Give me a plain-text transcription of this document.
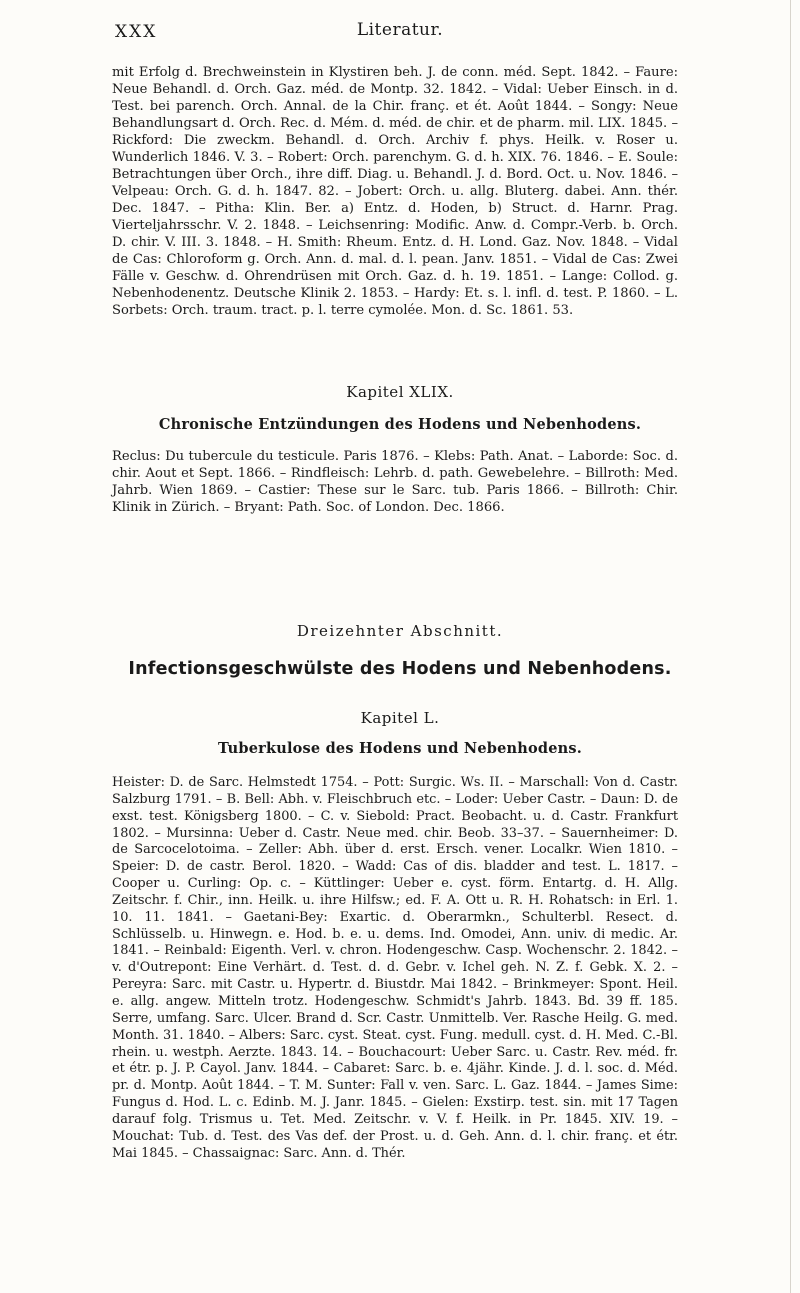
XXX	Literatur.

mit Erfolg d. Brechweinstein in Klystiren beh. J. de conn. méd. Sept. 1842. – Faure: Neue Behandl. d. Orch. Gaz. méd. de Montp. 32. 1842. – Vidal: Ueber Einsch. in d. Test. bei parench. Orch. Annal. de la Chir. franç. et ét. Août 1844. – Songy: Neue Behandlungsart d. Orch. Rec. d. Mém. d. méd. de chir. et de pharm. mil. LIX. 1845. – Rickford: Die zweckm. Behandl. d. Orch. Archiv f. phys. Heilk. v. Roser u. Wunderlich 1846. V. 3. – Robert: Orch. parenchym. G. d. h. XIX. 76. 1846. – E. Soule: Betrachtungen über Orch., ihre diff. Diag. u. Behandl. J. d. Bord. Oct. u. Nov. 1846. – Velpeau: Orch. G. d. h. 1847. 82. – Jobert: Orch. u. allg. Bluterg. dabei. Ann. thér. Dec. 1847. – Pitha: Klin. Ber. a) Entz. d. Hoden, b) Struct. d. Harnr. Prag. Vierteljahrsschr. V. 2. 1848. – Leichsenring: Modific. Anw. d. Compr.-Verb. b. Orch. D. chir. V. III. 3. 1848. – H. Smith: Rheum. Entz. d. H. Lond. Gaz. Nov. 1848. – Vidal de Cas: Chloroform g. Orch. Ann. d. mal. d. l. pean. Janv. 1851. – Vidal de Cas: Zwei Fälle v. Geschw. d. Ohrendrüsen mit Orch. Gaz. d. h. 19. 1851. – Lange: Collod. g. Nebenhodenentz. Deutsche Klinik 2. 1853. – Hardy: Et. s. l. infl. d. test. P. 1860. – L. Sorbets: Orch. traum. tract. p. l. terre cymolée. Mon. d. Sc. 1861. 53.

Kapitel XLIX.
Chronische Entzündungen des Hodens und Nebenhodens.

Reclus: Du tubercule du testicule. Paris 1876. – Klebs: Path. Anat. – Laborde: Soc. d. chir. Aout et Sept. 1866. – Rindfleisch: Lehrb. d. path. Gewebelehre. – Billroth: Med. Jahrb. Wien 1869. – Castier: These sur le Sarc. tub. Paris 1866. – Billroth: Chir. Klinik in Zürich. – Bryant: Path. Soc. of London. Dec. 1866.

Dreizehnter Abschnitt.
Infectionsgeschwülste des Hodens und Nebenhodens.
Kapitel L.
Tuberkulose des Hodens und Nebenhodens.

Heister: D. de Sarc. Helmstedt 1754. – Pott: Surgic. Ws. II. – Marschall: Von d. Castr. Salzburg 1791. – B. Bell: Abh. v. Fleischbruch etc. – Loder: Ueber Castr. – Daun: D. de exst. test. Königsberg 1800. – C. v. Siebold: Pract. Beobacht. u. d. Castr. Frankfurt 1802. – Mursinna: Ueber d. Castr. Neue med. chir. Beob. 33–37. – Sauernheimer: D. de Sarcocelotoima. – Zeller: Abh. über d. erst. Ersch. vener. Localkr. Wien 1810. – Speier: D. de castr. Berol. 1820. – Wadd: Cas of dis. bladder and test. L. 1817. – Cooper u. Curling: Op. c. – Küttlinger: Ueber e. cyst. förm. Entartg. d. H. Allg. Zeitschr. f. Chir., inn. Heilk. u. ihre Hilfsw.; ed. F. A. Ott u. R. H. Rohatsch: in Erl. 1. 10. 11. 1841. – Gaetani-Bey: Exartic. d. Oberarmkn., Schulterbl. Resect. d. Schlüsselb. u. Hinwegn. e. Hod. b. e. u. dems. Ind. Omodei, Ann. univ. di medic. Ar. 1841. – Reinbald: Eigenth. Verl. v. chron. Hodengeschw. Casp. Wochenschr. 2. 1842. – v. d'Outrepont: Eine Verhärt. d. Test. d. d. Gebr. v. Ichel geh. N. Z. f. Gebk. X. 2. – Pereyra: Sarc. mit Castr. u. Hypertr. d. Biustdr. Mai 1842. – Brinkmeyer: Spont. Heil. e. allg. angew. Mitteln trotz. Hodengeschw. Schmidt's Jahrb. 1843. Bd. 39 ff. 185. Serre, umfang. Sarc. Ulcer. Brand d. Scr. Castr. Unmittelb. Ver. Rasche Heilg. G. med. Month. 31. 1840. – Albers: Sarc. cyst. Steat. cyst. Fung. medull. cyst. d. H. Med. C.-Bl. rhein. u. westph. Aerzte. 1843. 14. – Bouchacourt: Ueber Sarc. u. Castr. Rev. méd. fr. et étr. p. J. P. Cayol. Janv. 1844. – Cabaret: Sarc. b. e. 4jähr. Kinde. J. d. l. soc. d. Méd. pr. d. Montp. Août 1844. – T. M. Sunter: Fall v. ven. Sarc. L. Gaz. 1844. – James Sime: Fungus d. Hod. L. c. Edinb. M. J. Janr. 1845. – Gielen: Exstirp. test. sin. mit 17 Tagen darauf folg. Trismus u. Tet. Med. Zeitschr. v. V. f. Heilk. in Pr. 1845. XIV. 19. – Mouchat: Tub. d. Test. des Vas def. der Prost. u. d. Geh. Ann. d. l. chir. franç. et étr. Mai 1845. – Chassaignac: Sarc. Ann. d. Thér.
